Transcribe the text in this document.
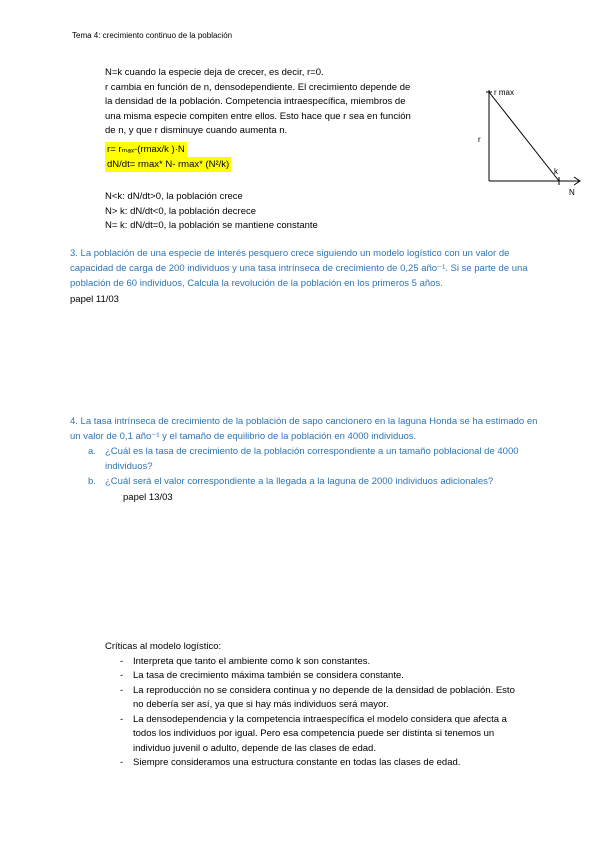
Tema 4: crecimiento continuo de la población
N=k cuando la especie deja de crecer, es decir, r=0.
r cambia en función de n, densodependiente. El crecimiento depende de
la densidad de la población. Competencia intraespecífica, miembros de
una misma especie compiten entre ellos. Esto hace que r sea en función
de n, y que r disminuye cuando aumenta n.
r= rₘₐₓ-(rmax/k )·N
dN/dt= rmax* N- rmax* (N²/k)
r max
r
k
N
N<k: dN/dt>0, la población crece
N> k: dN/dt<0, la población decrece
N= k: dN/dt=0, la población se mantiene constante
3. La población de una especie de interés pesquero crece siguiendo un modelo logístico con un valor de capacidad de carga de 200 individuos y una tasa intrínseca de crecimiento de 0,25 año⁻¹. Si se parte de una población de 60 individuos, Calcula la revolución de la población en los primeros 5 años.
papel 11/03
4. La tasa intrínseca de crecimiento de la población de sapo cancionero en la laguna Honda se ha estimado en un valor de 0,1 año⁻¹ y el tamaño de equilibrio de la población en 4000 individuos.
a. ¿Cuál es la tasa de crecimiento de la población correspondiente a un tamaño poblacional de 4000 individuos?
b. ¿Cuál será el valor correspondiente a la llegada a la laguna de 2000 individuos adicionales?
papel 13/03
Críticas al modelo logístico:
-	Interpreta que tanto el ambiente como k son constantes.
-	La tasa de crecimiento máxima también se considera constante.
-	La reproducción no se considera continua y no depende de la densidad de población. Esto no debería ser así, ya que si hay más individuos será mayor.
-	La densodependencia y la competencia intraespecífica el modelo considera que afecta a todos los individuos por igual. Pero esa competencia puede ser distinta si tenemos un individuo juvenil o adulto, depende de las clases de edad.
-	Siempre consideramos una estructura constante en todas las clases de edad.
